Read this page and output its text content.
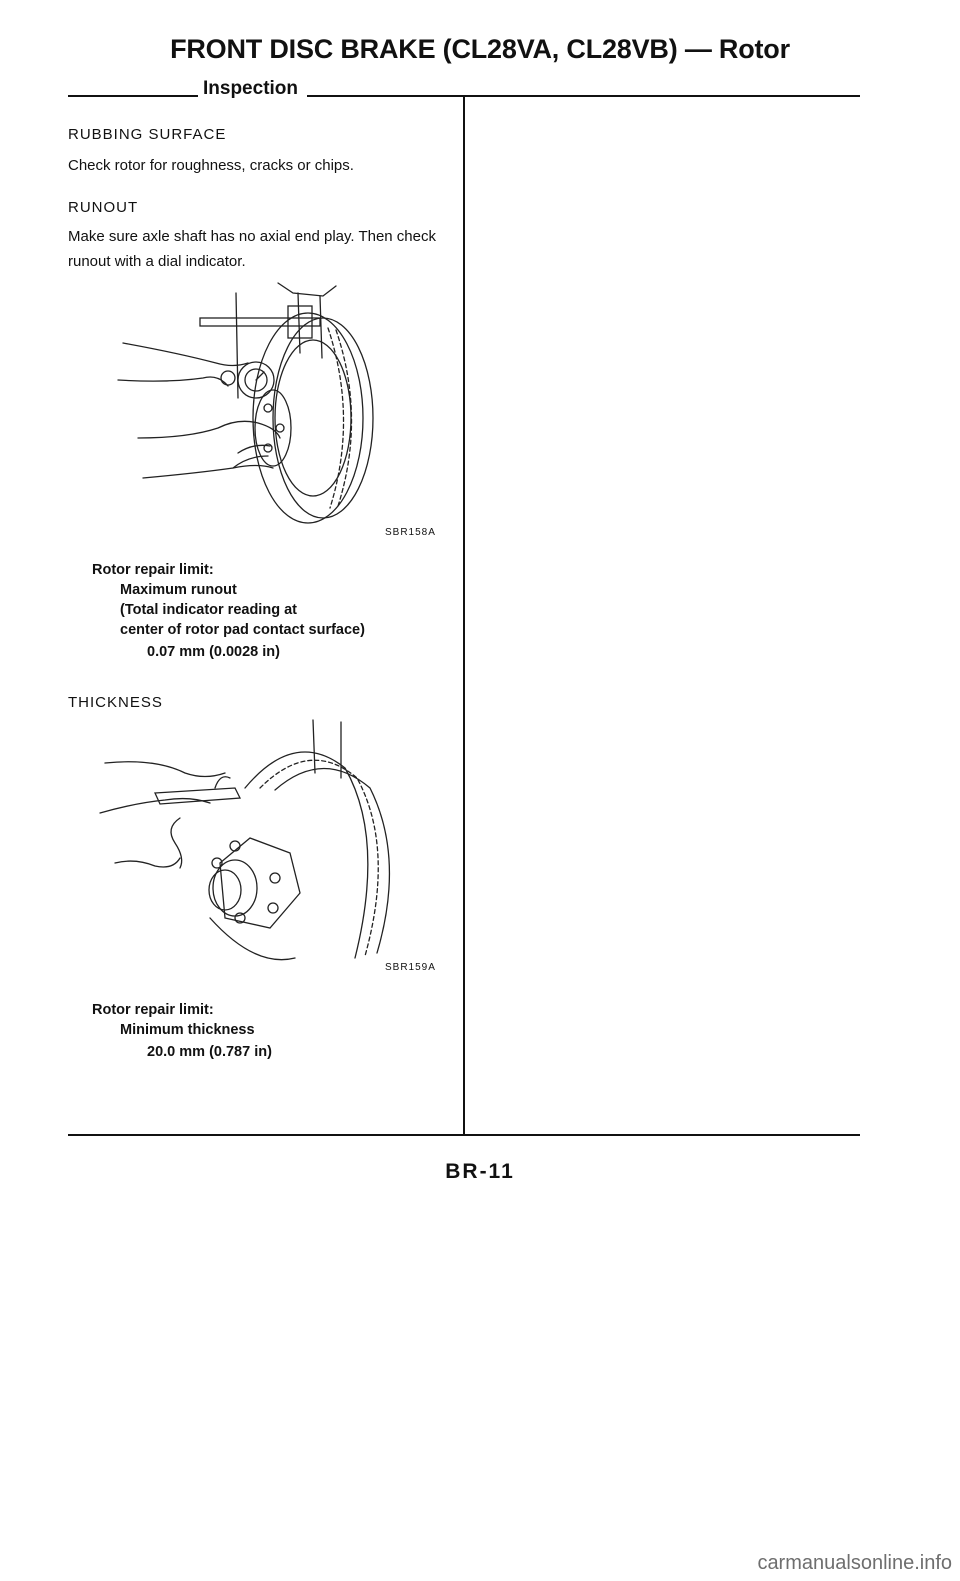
FRONT DISC BRAKE (CL28VA, CL28VB) — Rotor
Inspection

RUBBING SURFACE

Check rotor for roughness, cracks or chips.

RUNOUT

Make sure axle shaft has no axial end play. Then check runout with a dial indicator.

SBR158A

Rotor repair limit:

Maximum runout

(Total indicator reading at

center of rotor pad contact surface)

0.07 mm (0.0028 in)

THICKNESS

SBR159A

Rotor repair limit:

Minimum thickness

20.0 mm (0.787 in)

BR-11
carmanualsonline.info
